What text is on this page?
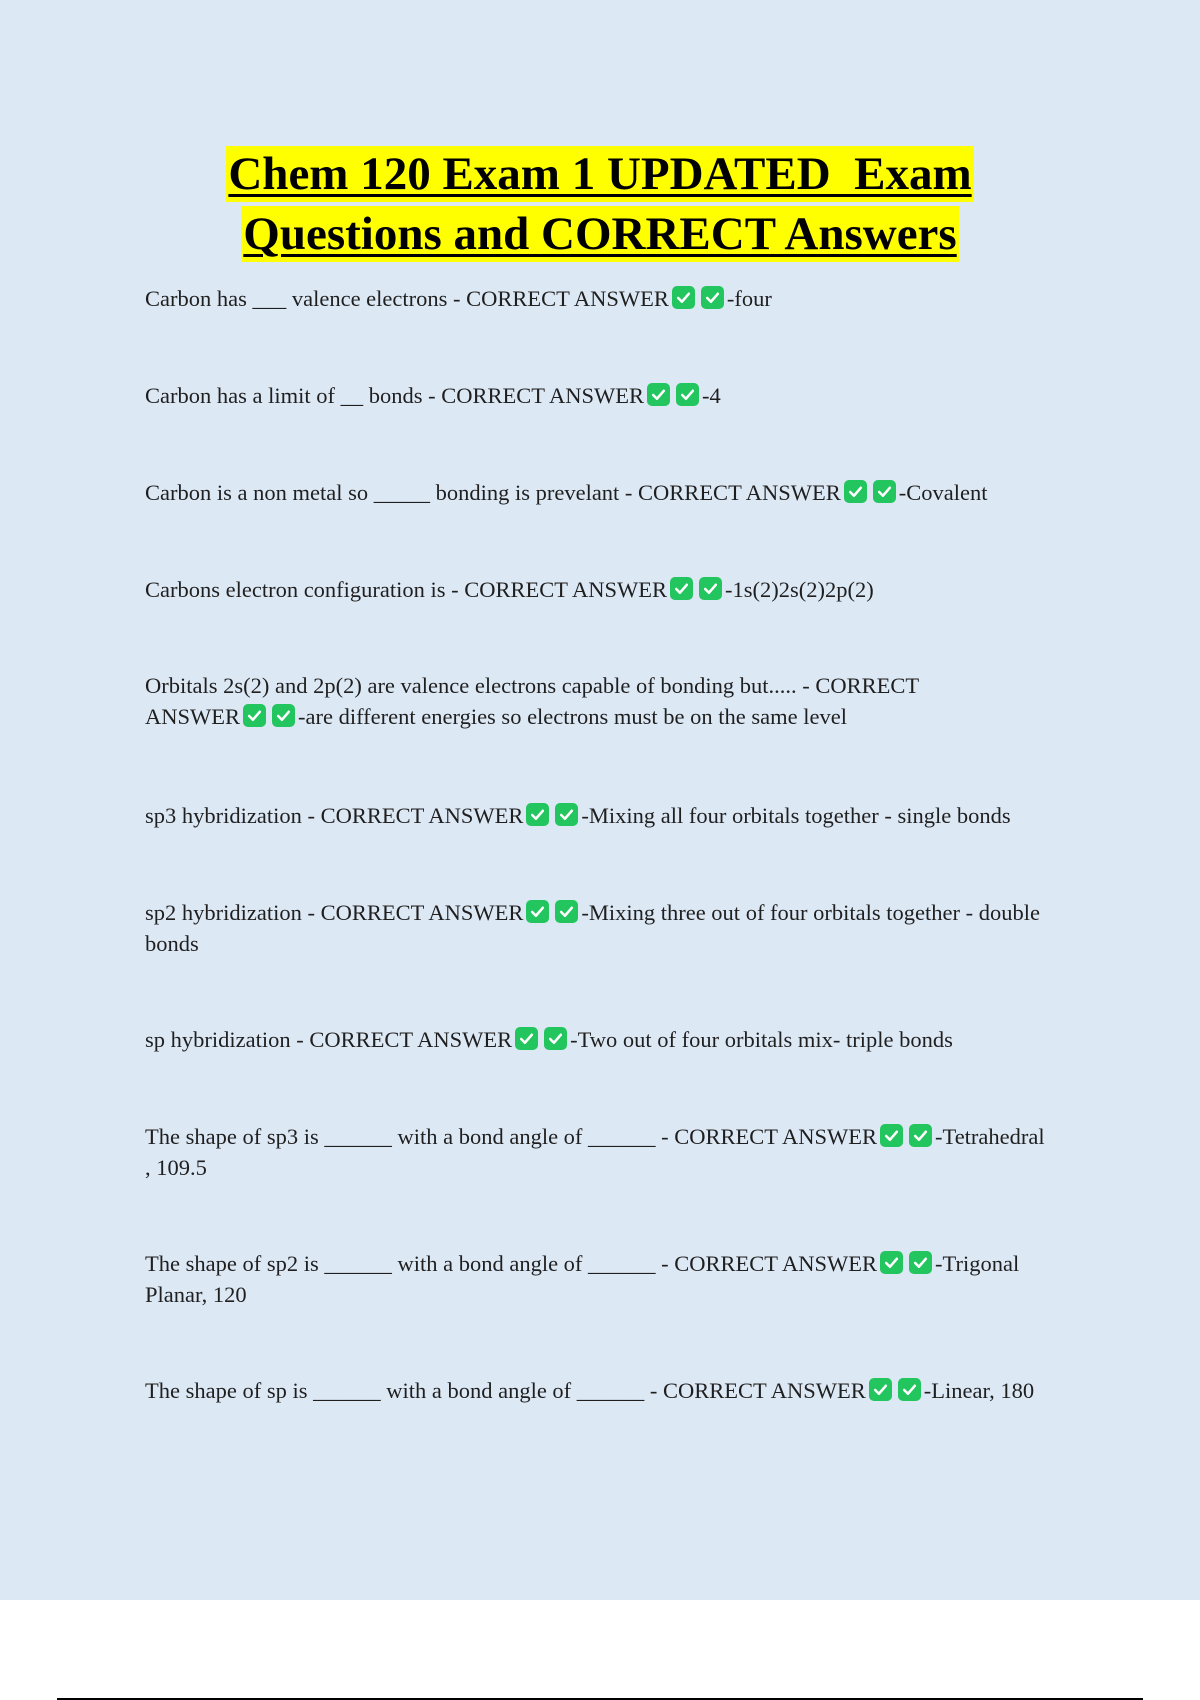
Chem 120 Exam 1 UPDATED  Exam
Questions and CORRECT Answers
Carbon has ___ valence electrons - CORRECT ANSWER	-four
Carbon has a limit of __ bonds - CORRECT ANSWER	-4
Carbon is a non metal so _____ bonding is prevelant - CORRECT ANSWER	-Covalent
Carbons electron configuration is - CORRECT ANSWER	-1s(2)2s(2)2p(2)
Orbitals 2s(2) and 2p(2) are valence electrons capable of bonding but..... - CORRECT ANSWER	-are different energies so electrons must be on the same level
sp3 hybridization - CORRECT ANSWER	-Mixing all four orbitals together - single bonds
sp2 hybridization - CORRECT ANSWER	-Mixing three out of four orbitals together - double bonds
sp hybridization - CORRECT ANSWER	-Two out of four orbitals mix- triple bonds
The shape of sp3 is ______ with a bond angle of ______ - CORRECT ANSWER	-Tetrahedral , 109.5
The shape of sp2 is ______ with a bond angle of ______ - CORRECT ANSWER	-Trigonal Planar, 120
The shape of sp is ______ with a bond angle of ______ - CORRECT ANSWER	-Linear, 180
